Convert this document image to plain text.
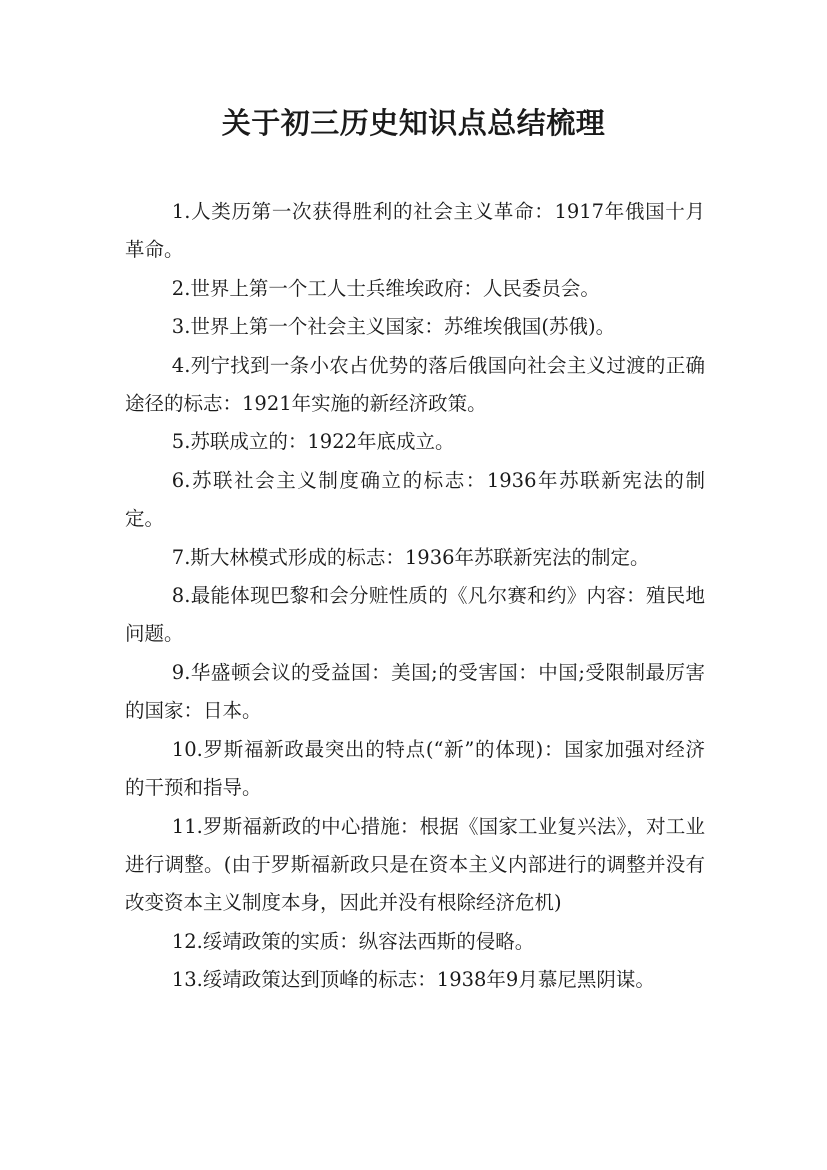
关于初三历史知识点总结梳理

1.人类历第一次获得胜利的社会主义革命：1917年俄国十月革命。

2.世界上第一个工人士兵维埃政府：人民委员会。

3.世界上第一个社会主义国家：苏维埃俄国(苏俄)。

4.列宁找到一条小农占优势的落后俄国向社会主义过渡的正确途径的标志：1921年实施的新经济政策。

5.苏联成立的：1922年底成立。

6.苏联社会主义制度确立的标志：1936年苏联新宪法的制定。

7.斯大林模式形成的标志：1936年苏联新宪法的制定。

8.最能体现巴黎和会分赃性质的《凡尔赛和约》内容：殖民地问题。

9.华盛顿会议的受益国：美国;的受害国：中国;受限制最厉害的国家：日本。

10.罗斯福新政最突出的特点(“新”的体现)：国家加强对经济的干预和指导。

11.罗斯福新政的中心措施：根据《国家工业复兴法》，对工业进行调整。(由于罗斯福新政只是在资本主义内部进行的调整并没有改变资本主义制度本身，因此并没有根除经济危机)

12.绥靖政策的实质：纵容法西斯的侵略。

13.绥靖政策达到顶峰的标志：1938年9月慕尼黑阴谋。
